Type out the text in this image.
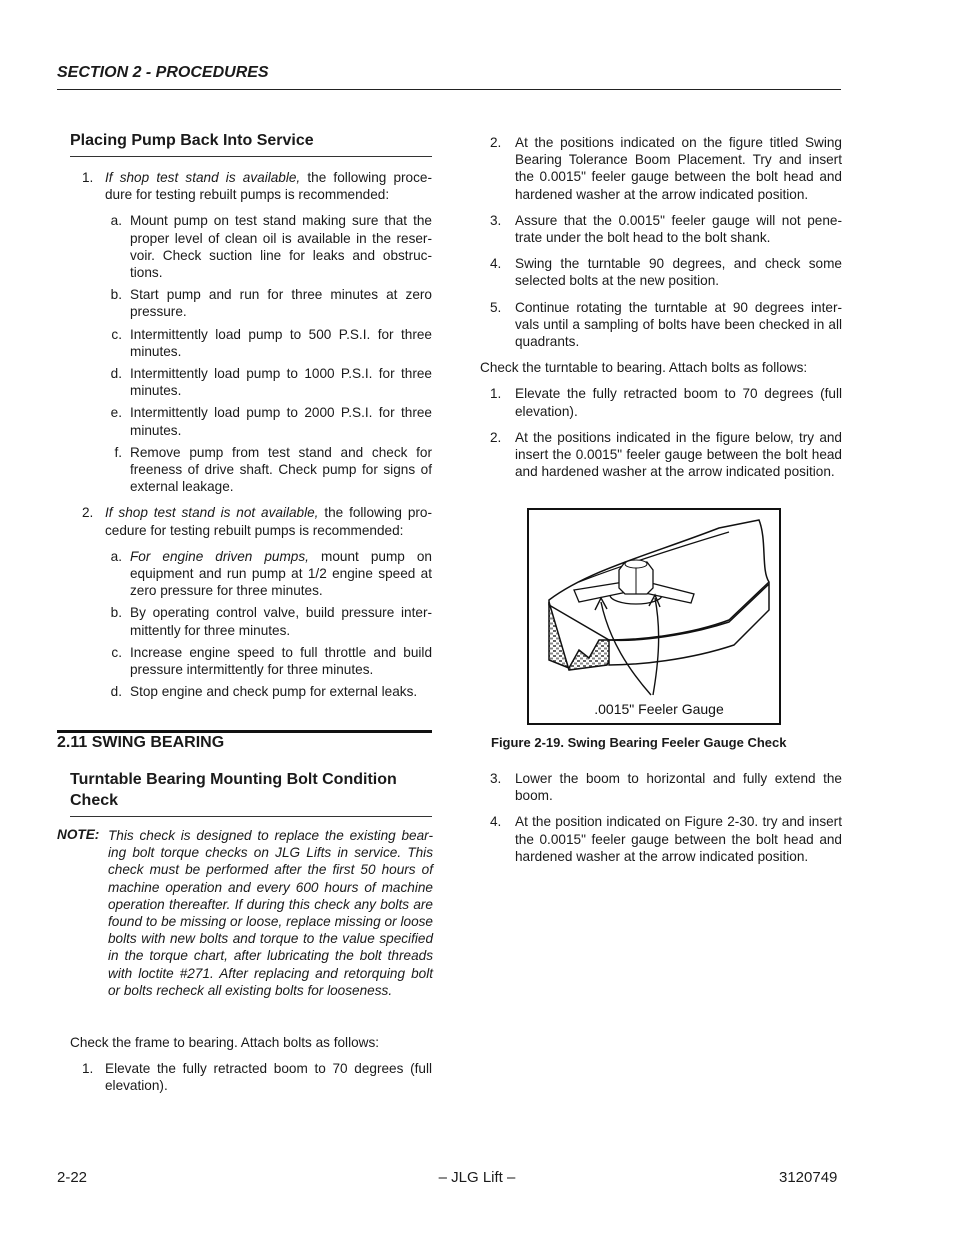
SECTION 2 - PROCEDURES
Placing Pump Back Into Service
1. If shop test stand is available, the following proce-dure for testing rebuilt pumps is recommended:
a. Mount pump on test stand making sure that the proper level of clean oil is available in the reser-voir. Check suction line for leaks and obstruc-tions.
b. Start pump and run for three minutes at zero pressure.
c. Intermittently load pump to 500 P.S.I. for three minutes.
d. Intermittently load pump to 1000 P.S.I. for three minutes.
e. Intermittently load pump to 2000 P.S.I. for three minutes.
f. Remove pump from test stand and check for freeness of drive shaft. Check pump for signs of external leakage.
2. If shop test stand is not available, the following pro-cedure for testing rebuilt pumps is recommended:
a. For engine driven pumps, mount pump on equipment and run pump at 1/2 engine speed at zero pressure for three minutes.
b. By operating control valve, build pressure inter-mittently for three minutes.
c. Increase engine speed to full throttle and build pressure intermittently for three minutes.
d. Stop engine and check pump for external leaks.
2.11 SWING BEARING
Turntable Bearing Mounting Bolt Condition Check
NOTE: This check is designed to replace the existing bear-ing bolt torque checks on JLG Lifts in service. This check must be performed after the first 50 hours of machine operation and every 600 hours of machine operation thereafter. If during this check any bolts are found to be missing or loose, replace missing or loose bolts with new bolts and torque to the value specified in the torque chart, after lubricating the bolt threads with loctite #271. After replacing and retorquing bolt or bolts recheck all existing bolts for looseness.
Check the frame to bearing. Attach bolts as follows:
1. Elevate the fully retracted boom to 70 degrees (full elevation).
2.	At the positions indicated on the figure titled Swing Bearing Tolerance Boom Placement. Try and insert the 0.0015" feeler gauge between the bolt head and hardened washer at the arrow indicated position.
3.	Assure that the 0.0015" feeler gauge will not pene-trate under the bolt head to the bolt shank.
4.	Swing the turntable 90 degrees, and check some selected bolts at the new position.
5.	Continue rotating the turntable at 90 degrees inter-vals until a sampling of bolts have been checked in all quadrants.
Check the turntable to bearing. Attach bolts as follows:
1.	Elevate the fully retracted boom to 70 degrees (full elevation).
2.	At the positions indicated in the figure below, try and insert the 0.0015" feeler gauge between the bolt head and hardened washer at the arrow indicated position.
.0015" Feeler Gauge
Figure 2-19. Swing Bearing Feeler Gauge Check
3.	Lower the boom to horizontal and fully extend the boom.
4.	At the position indicated on Figure 2-30. try and insert the 0.0015" feeler gauge between the bolt head and hardened washer at the arrow indicated position.
2-22	– JLG Lift –	3120749
